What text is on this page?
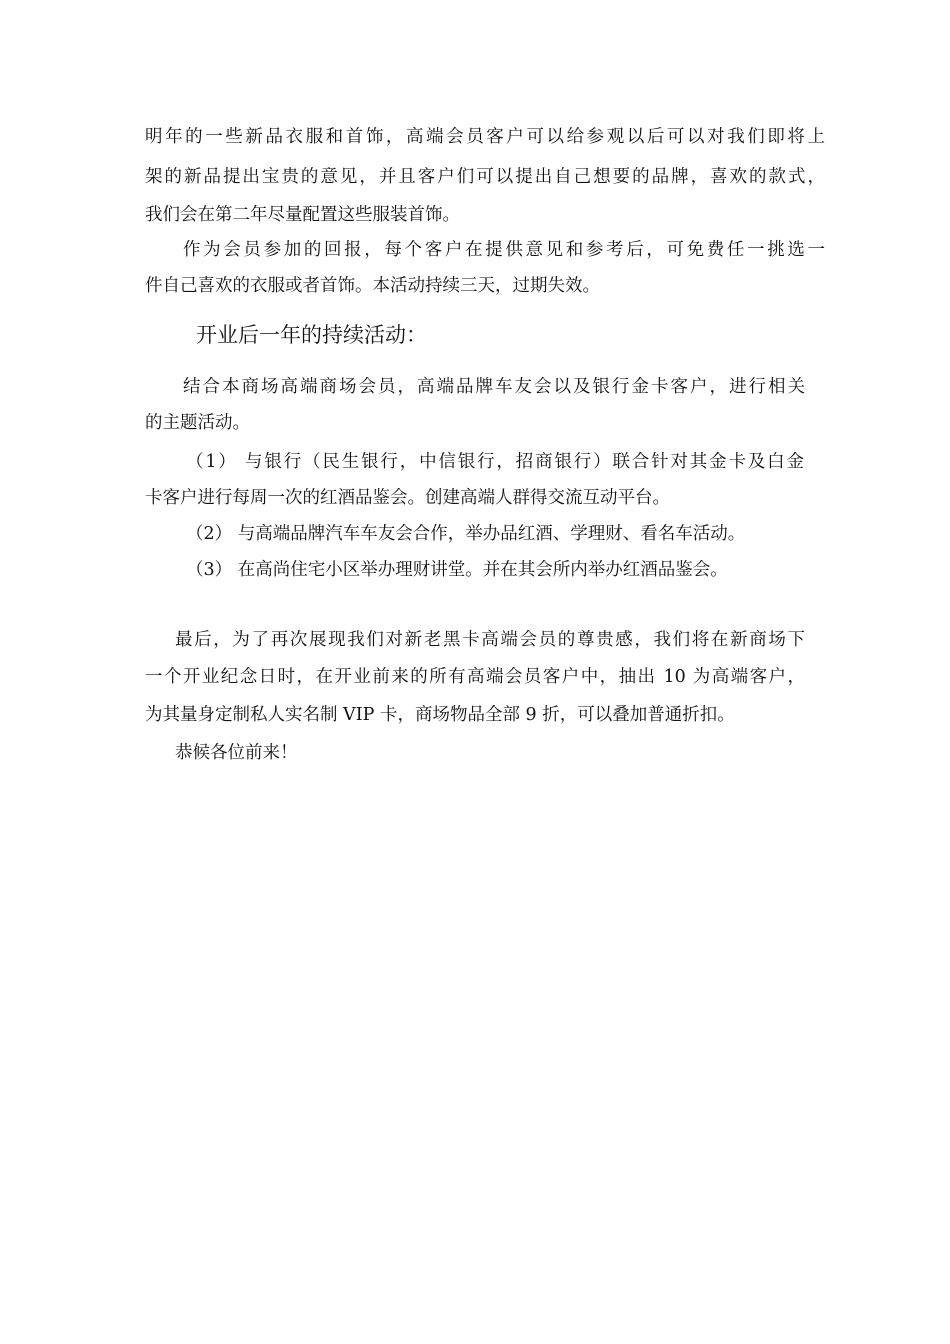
明年的一些新品衣服和首饰，高端会员客户可以给参观以后可以对我们即将上
架的新品提出宝贵的意见，并且客户们可以提出自己想要的品牌，喜欢的款式，
我们会在第二年尽量配置这些服装首饰。
作为会员参加的回报，每个客户在提供意见和参考后，可免费任一挑选一
件自己喜欢的衣服或者首饰。本活动持续三天，过期失效。
开业后一年的持续活动：
结合本商场高端商场会员，高端品牌车友会以及银行金卡客户，进行相关
的主题活动。
（1） 与银行（民生银行，中信银行，招商银行）联合针对其金卡及白金
卡客户进行每周一次的红酒品鉴会。创建高端人群得交流互动平台。
（2） 与高端品牌汽车车友会合作，举办品红酒、学理财、看名车活动。
（3） 在高尚住宅小区举办理财讲堂。并在其会所内举办红酒品鉴会。
最后，为了再次展现我们对新老黑卡高端会员的尊贵感，我们将在新商场下
一个开业纪念日时，在开业前来的所有高端会员客户中，抽出 10 为高端客户，
为其量身定制私人实名制 VIP 卡，商场物品全部 9 折，可以叠加普通折扣。
恭候各位前来！
